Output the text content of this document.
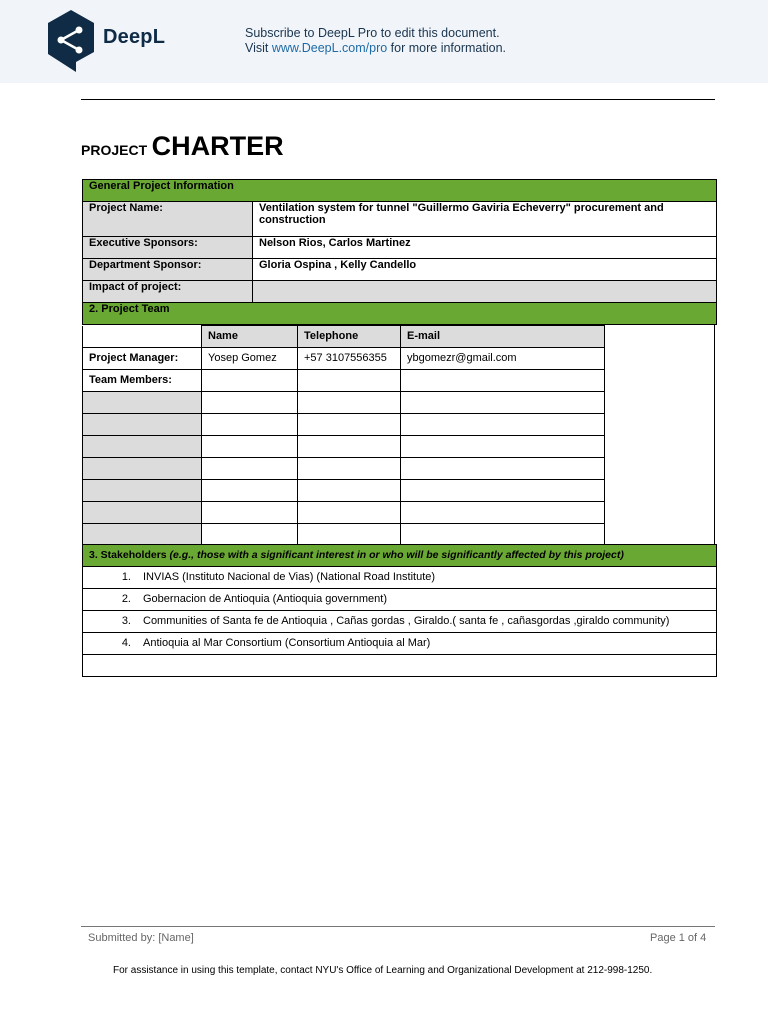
DeepL	Subscribe to DeepL Pro to edit this document.
Visit www.DeepL.com/pro for more information.
PROJECT CHARTER
General Project Information	
Project Name:	Ventilation system for tunnel "Guillermo Gaviria Echeverry" procurement and construction
Executive Sponsors:	Nelson Rios, Carlos Martinez
Department Sponsor:	Gloria Ospina , Kelly Candello
Impact of project:	
2. Project Team	
	Name	Telephone	E-mail
Project Manager:	Yosep Gomez	+57 3107556355	ybgomezr@gmail.com
Team Members:			

3. Stakeholders (e.g., those with a significant interest in or who will be significantly affected by this project)
1. INVIAS (Instituto Nacional de Vias) (National Road Institute)
2. Gobernacion de Antioquia (Antioquia government)
3. Communities of Santa fe de Antioquia , Cañas gordas , Giraldo.( santa fe , cañasgordas ,giraldo community)
4. Antioquia al Mar Consortium (Consortium Antioquia al Mar)

Submitted by: [Name]	Page 1 of 4
For assistance in using this template, contact NYU's Office of Learning and Organizational Development at 212-998-1250.
